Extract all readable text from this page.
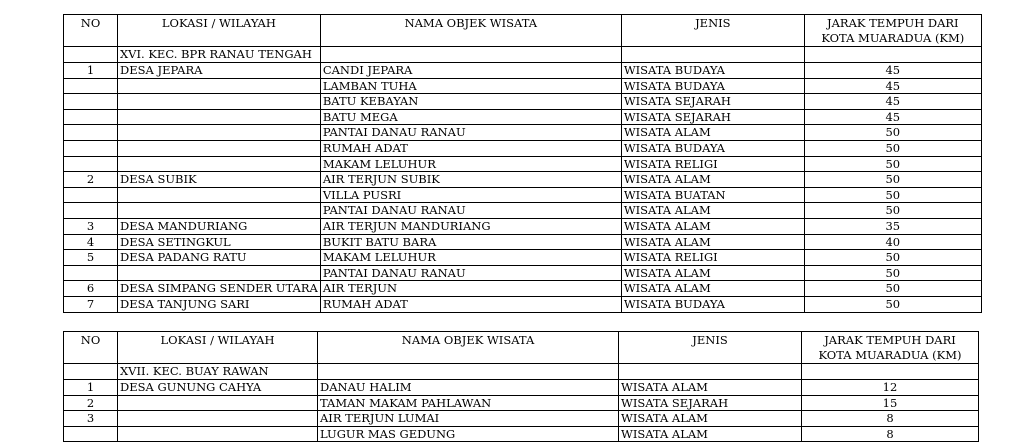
NO	LOKASI / WILAYAH	NAMA OBJEK WISATA	JENIS	JARAK TEMPUH DARI
KOTA MUARADUA (KM)
	XVI. KEC. BPR RANAU TENGAH			
1	DESA JEPARA	CANDI JEPARA	WISATA BUDAYA	45
		LAMBAN TUHA	WISATA BUDAYA	45
		BATU KEBAYAN	WISATA SEJARAH	45
		BATU MEGA	WISATA SEJARAH	45
		PANTAI DANAU RANAU	WISATA ALAM	50
		RUMAH ADAT	WISATA BUDAYA	50
		MAKAM LELUHUR	WISATA RELIGI	50
2	DESA SUBIK	AIR TERJUN SUBIK	WISATA ALAM	50
		VILLA PUSRI	WISATA BUATAN	50
		PANTAI DANAU RANAU	WISATA ALAM	50
3	DESA MANDURIANG	AIR TERJUN MANDURIANG	WISATA ALAM	35
4	DESA SETINGKUL	BUKIT BATU BARA	WISATA ALAM	40
5	DESA PADANG RATU	MAKAM LELUHUR	WISATA RELIGI	50
		PANTAI DANAU RANAU	WISATA ALAM	50
6	DESA SIMPANG SENDER UTARA	AIR TERJUN	WISATA ALAM	50
7	DESA TANJUNG SARI	RUMAH ADAT	WISATA BUDAYA	50
NO	LOKASI / WILAYAH	NAMA OBJEK WISATA	JENIS	JARAK TEMPUH DARI
KOTA MUARADUA (KM)
	XVII. KEC. BUAY RAWAN			
1	DESA GUNUNG CAHYA	DANAU HALIM	WISATA ALAM	12
2		TAMAN MAKAM PAHLAWAN	WISATA SEJARAH	15
3		AIR TERJUN LUMAI	WISATA ALAM	8
		LUGUR MAS GEDUNG	WISATA ALAM	8
